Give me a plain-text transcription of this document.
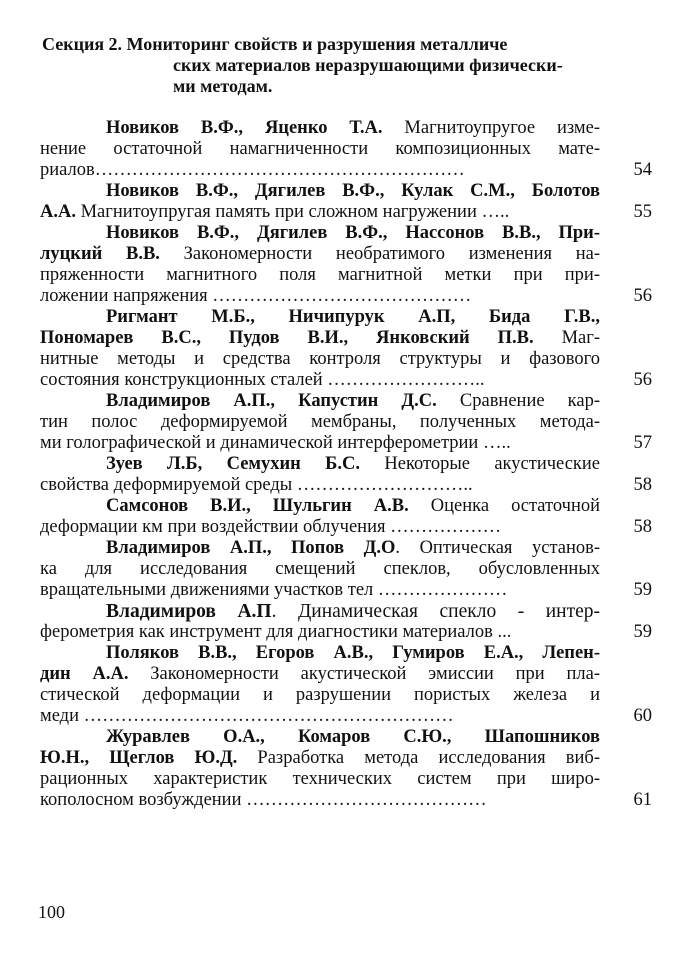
Секция 2. Мониторинг свойств и разрушения металличе
ских материалов неразрушающими физически-
ми методам.
Новиков В.Ф., Яценко Т.А. Магнитоупругое изме-
нение остаточной намагниченности композиционных мате-
риалов……………………………………………………	54
Новиков В.Ф., Дягилев В.Ф., Кулак С.М., Болотов
А.А. Магнитоупругая память при сложном нагружении …..	55
Новиков В.Ф., Дягилев В.Ф., Нассонов В.В., При-
луцкий В.В. Закономерности необратимого изменения на-
пряженности магнитного поля магнитной метки при при-
ложении напряжения ……………………………………	56
Ригмант М.Б., Ничипурук А.П, Бида Г.В.,
Пономарев В.С., Пудов В.И., Янковский П.В. Маг-
нитные методы и средства контроля структуры и фазового
состояния конструкционных сталей ……………………..	56
Владимиров А.П., Капустин Д.С. Сравнение кар-
тин полос деформируемой мембраны, полученных метода-
ми голографической и динамической интерферометрии …..	57
Зуев Л.Б, Семухин Б.С. Некоторые акустические
свойства деформируемой среды ………………………..	58
Самсонов В.И., Шульгин А.В. Оценка остаточной
деформации км при воздействии облучения ………………	58
Владимиров А.П., Попов Д.О. Оптическая установ-
ка для исследования смещений спеклов, обусловленных
вращательными движениями участков тел …………………	59
Владимиров А.П. Динамическая спекло - интер-
ферометрия как инструмент для диагностики материалов ...	59
Поляков В.В., Егоров А.В., Гумиров Е.А., Лепен-
дин А.А. Закономерности акустической эмиссии при пла-
стической деформации и разрушении пористых железа и
меди ……………………………………………………	60
Журавлев О.А., Комаров С.Ю., Шапошников
Ю.Н., Щеглов Ю.Д. Разработка метода исследования виб-
рационных характеристик технических систем при широ-
кополосном возбуждении …………………………………	61
100
